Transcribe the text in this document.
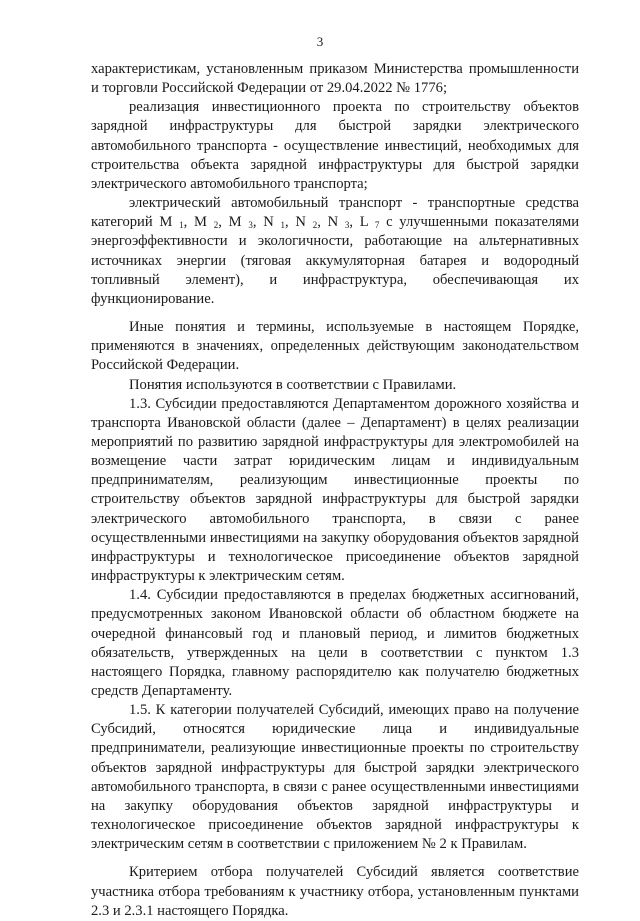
3

характеристикам, установленным приказом Министерства промышленности и торговли Российской Федерации от 29.04.2022 № 1776;

реализация инвестиционного проекта по строительству объектов зарядной инфраструктуры для быстрой зарядки электрического автомобильного транспорта - осуществление инвестиций, необходимых для строительства объекта зарядной инфраструктуры для быстрой зарядки электрического автомобильного транспорта;

электрический автомобильный транспорт - транспортные средства категорий M $_1$, M $_2$, M $_3$, N $_1$, N $_2$, N $_3$, L $_7$ с улучшенными показателями энергоэффективности и экологичности, работающие на альтернативных источниках энергии (тяговая аккумуляторная батарея и водородный топливный элемент), и инфраструктура, обеспечивающая их функционирование.

Иные понятия и термины, используемые в настоящем Порядке, применяются в значениях, определенных действующим законодательством Российской Федерации.

Понятия используются в соответствии с Правилами.

1.3. Субсидии предоставляются Департаментом дорожного хозяйства и транспорта Ивановской области (далее – Департамент) в целях реализации мероприятий по развитию зарядной инфраструктуры для электромобилей на возмещение части затрат юридическим лицам и индивидуальным предпринимателям, реализующим инвестиционные проекты по строительству объектов зарядной инфраструктуры для быстрой зарядки электрического автомобильного транспорта, в связи с ранее осуществленными инвестициями на закупку оборудования объектов зарядной инфраструктуры и технологическое присоединение объектов зарядной инфраструктуры к электрическим сетям.

1.4. Субсидии предоставляются в пределах бюджетных ассигнований, предусмотренных законом Ивановской области об областном бюджете на очередной финансовый год и плановый период, и лимитов бюджетных обязательств, утвержденных на цели в соответствии с пунктом 1.3 настоящего Порядка, главному распорядителю как получателю бюджетных средств Департаменту.

1.5. К категории получателей Субсидий, имеющих право на получение Субсидий, относятся юридические лица и индивидуальные предприниматели, реализующие инвестиционные проекты по строительству объектов зарядной инфраструктуры для быстрой зарядки электрического автомобильного транспорта, в связи с ранее осуществленными инвестициями на закупку оборудования объектов зарядной инфраструктуры и технологическое присоединение объектов зарядной инфраструктуры к электрическим сетям в соответствии с приложением № 2 к Правилам.

Критерием отбора получателей Субсидий является соответствие участника отбора требованиям к участнику отбора, установленным пунктами 2.3 и 2.3.1 настоящего Порядка.
